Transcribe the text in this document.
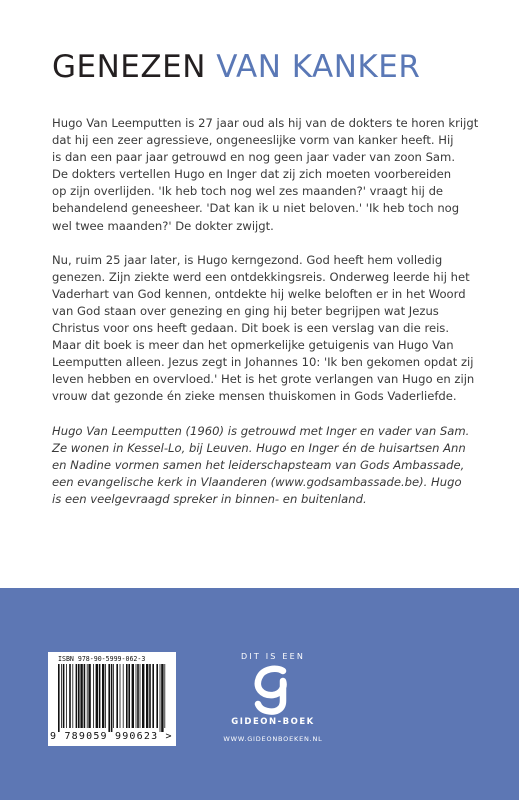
GENEZEN VAN KANKER

Hugo Van Leemputten is 27 jaar oud als hij van de dokters te horen krijgt
dat hij een zeer agressieve, ongeneeslijke vorm van kanker heeft. Hij
is dan een paar jaar getrouwd en nog geen jaar vader van zoon Sam.
De dokters vertellen Hugo en Inger dat zij zich moeten voorbereiden
op zijn overlijden. 'Ik heb toch nog wel zes maanden?' vraagt hij de
behandelend geneesheer. 'Dat kan ik u niet beloven.' 'Ik heb toch nog
wel twee maanden?' De dokter zwijgt.

Nu, ruim 25 jaar later, is Hugo kerngezond. God heeft hem volledig
genezen. Zijn ziekte werd een ontdekkingsreis. Onderweg leerde hij het
Vaderhart van God kennen, ontdekte hij welke beloften er in het Woord
van God staan over genezing en ging hij beter begrijpen wat Jezus
Christus voor ons heeft gedaan. Dit boek is een verslag van die reis.
Maar dit boek is meer dan het opmerkelijke getuigenis van Hugo Van
Leemputten alleen. Jezus zegt in Johannes 10: 'Ik ben gekomen opdat zij
leven hebben en overvloed.' Het is het grote verlangen van Hugo en zijn
vrouw dat gezonde én zieke mensen thuiskomen in Gods Vaderliefde.

Hugo Van Leemputten (1960) is getrouwd met Inger en vader van Sam.
Ze wonen in Kessel-Lo, bij Leuven. Hugo en Inger én de huisartsen Ann
en Nadine vormen samen het leiderschapsteam van Gods Ambassade,
een evangelische kerk in Vlaanderen (www.godsambassade.be). Hugo
is een veelgevraagd spreker in binnen- en buitenland.

ISBN 978-90-5999-062-3
9 789059 990623 >
DIT IS EEN
GIDEON-BOEK
WWW.GIDEONBOEKEN.NL
